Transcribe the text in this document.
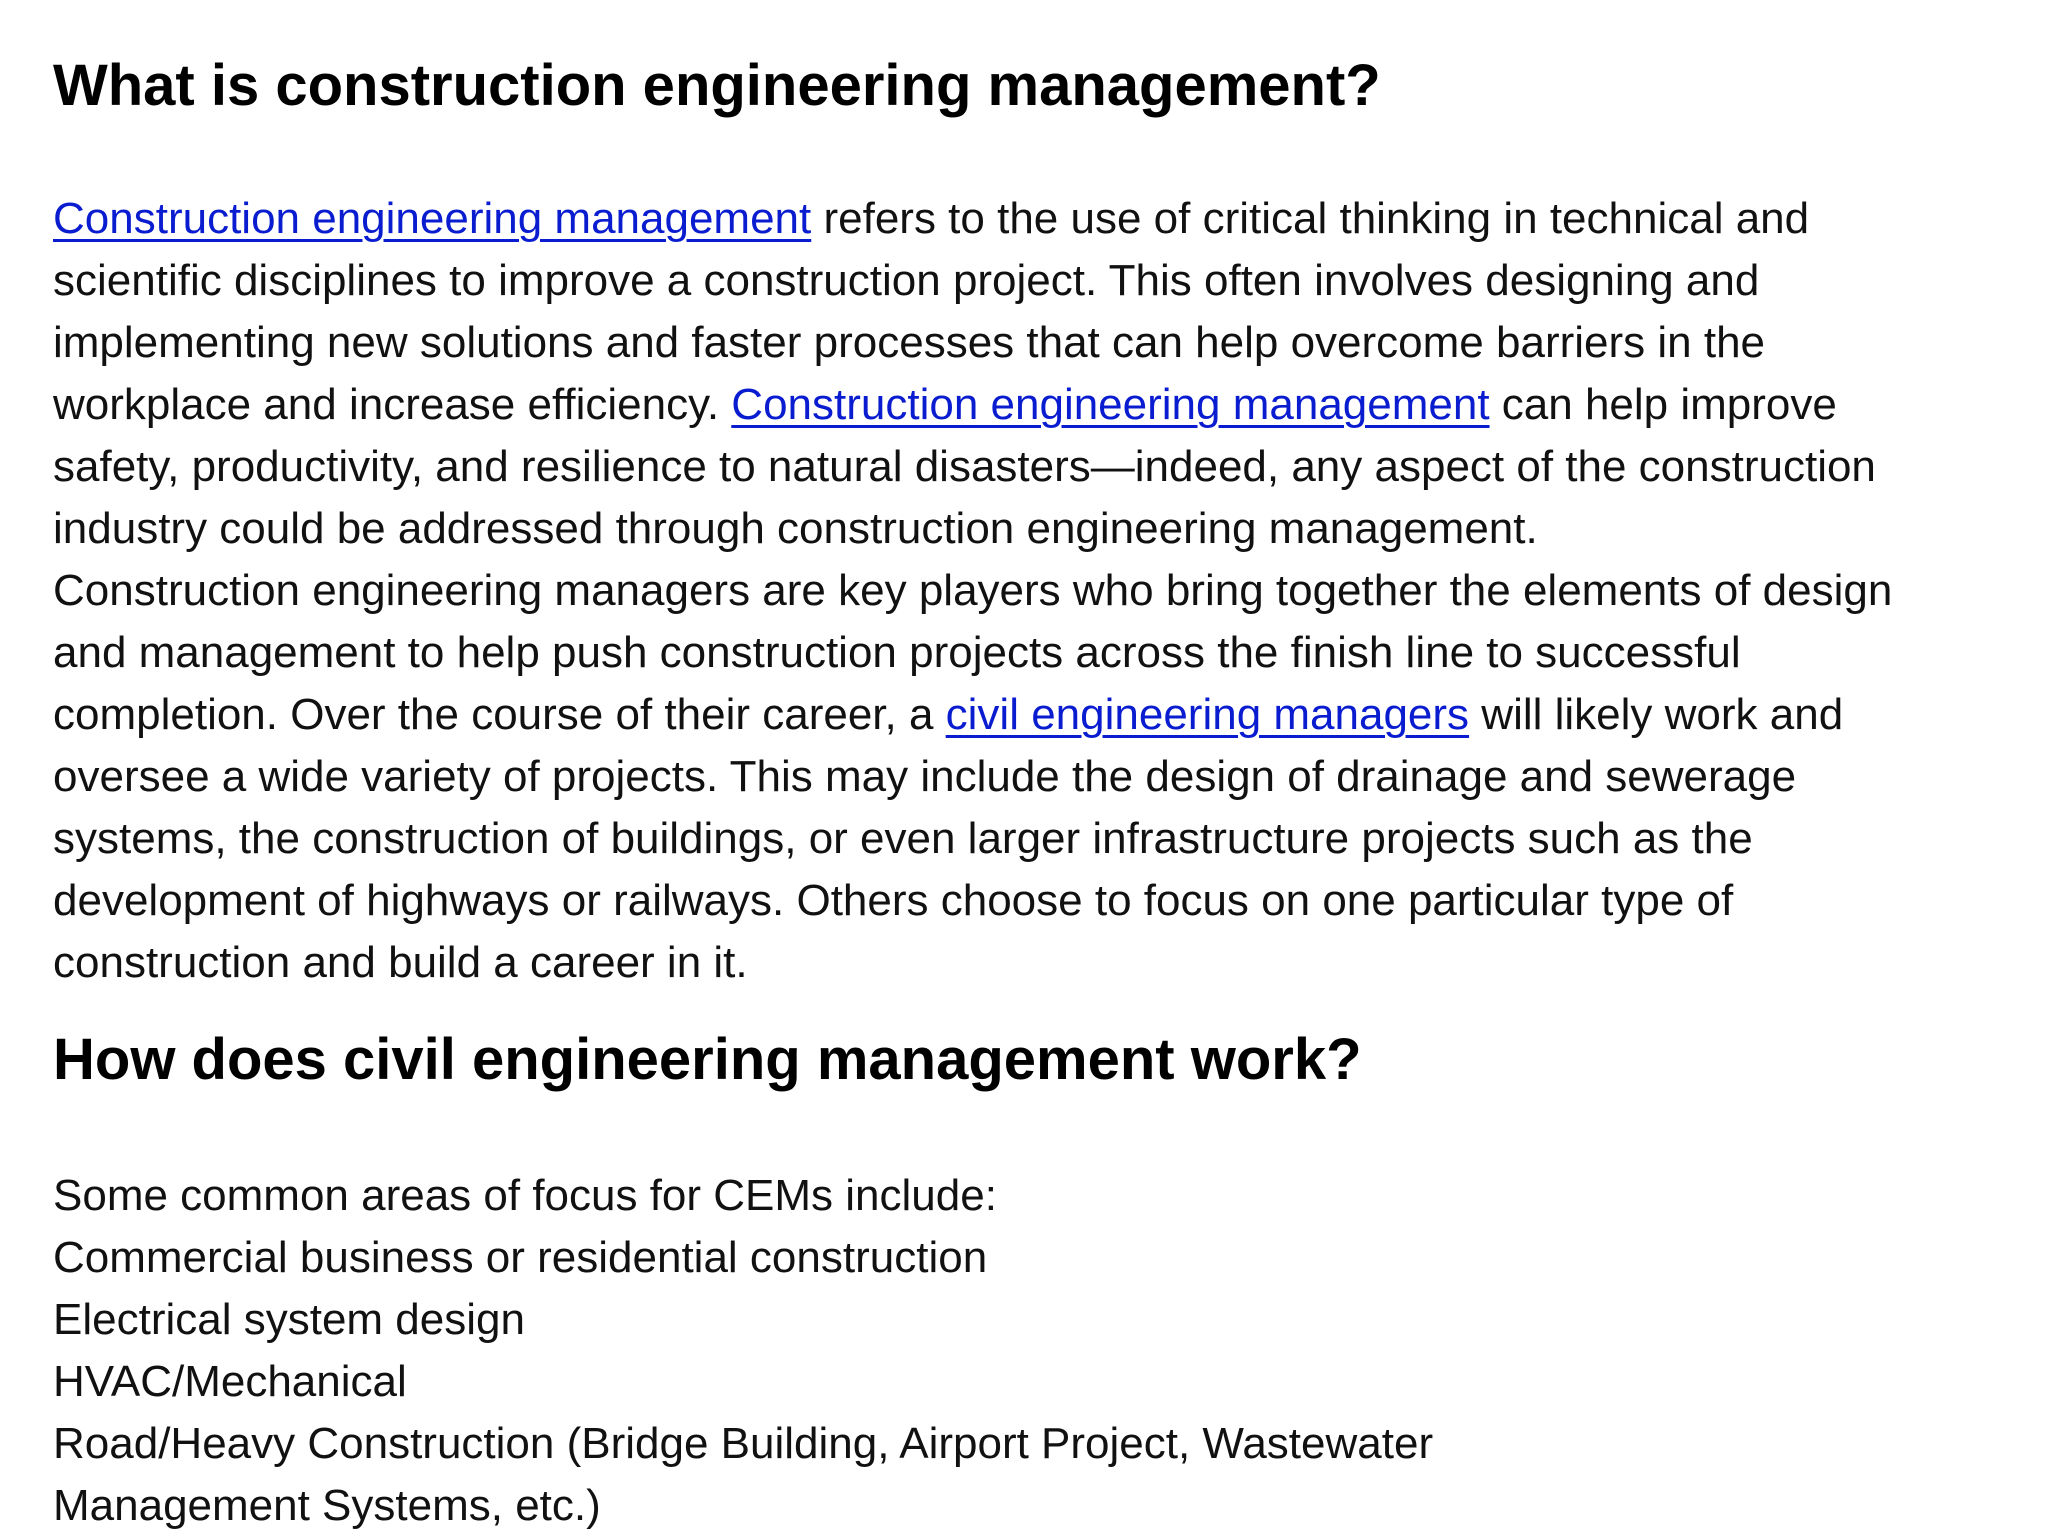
What is construction engineering management?
Construction engineering management refers to the use of critical thinking in technical and
scientific disciplines to improve a construction project. This often involves designing and
implementing new solutions and faster processes that can help overcome barriers in the
workplace and increase efficiency. Construction engineering management can help improve
safety, productivity, and resilience to natural disasters—indeed, any aspect of the construction
industry could be addressed through construction engineering management.
Construction engineering managers are key players who bring together the elements of design
and management to help push construction projects across the finish line to successful
completion. Over the course of their career, a civil engineering managers will likely work and
oversee a wide variety of projects. This may include the design of drainage and sewerage
systems, the construction of buildings, or even larger infrastructure projects such as the
development of highways or railways. Others choose to focus on one particular type of
construction and build a career in it.
How does civil engineering management work?
Some common areas of focus for CEMs include:
Commercial business or residential construction
Electrical system design
HVAC/Mechanical
Road/Heavy Construction (Bridge Building, Airport Project, Wastewater
Management Systems, etc.)
